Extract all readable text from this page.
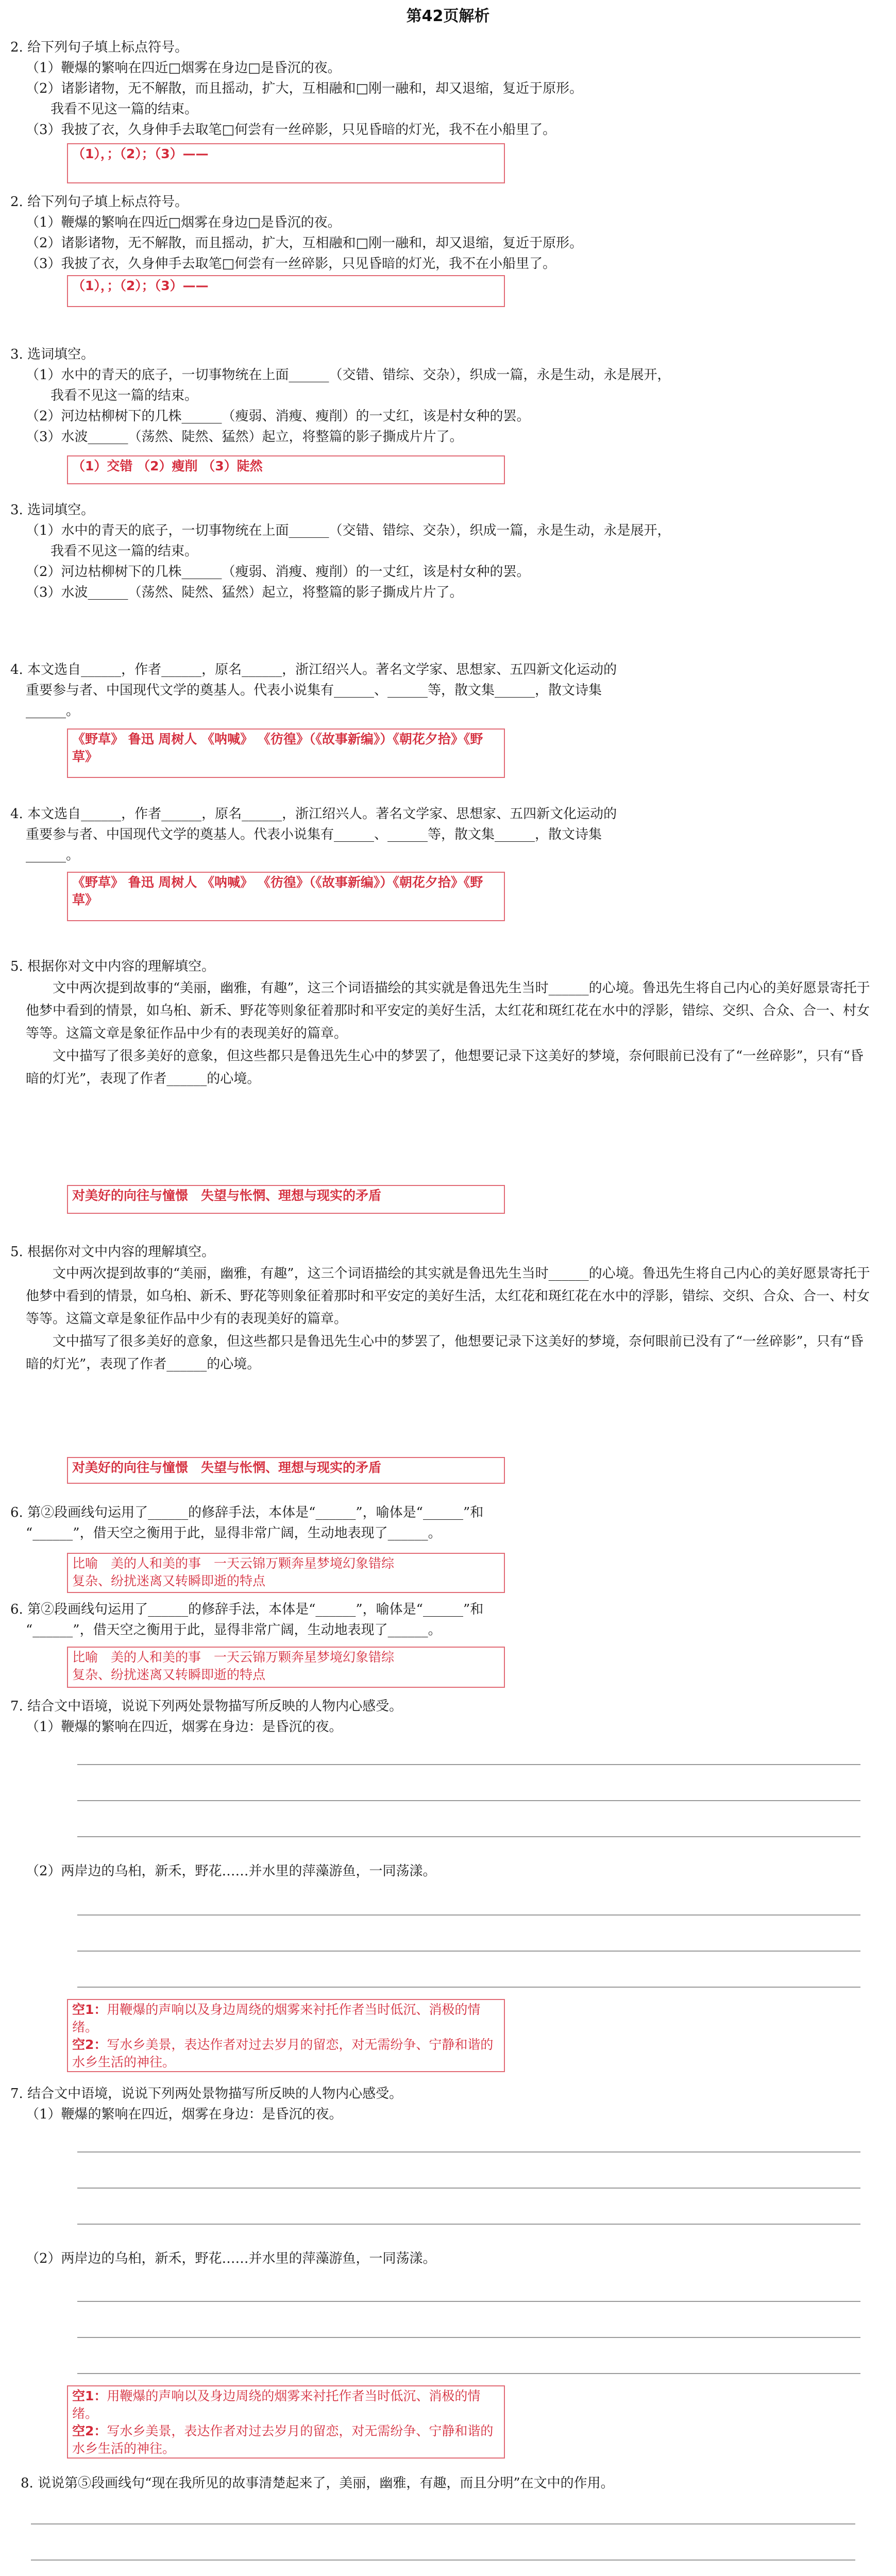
第42页解析
2. 给下列句子填上标点符号。
（1）鞭爆的繁响在四近□烟雾在身边□是昏沉的夜。
（2）诸影诸物，无不解散，而且摇动，扩大，互相融和□刚一融和，却又退缩，复近于原形。
我看不见这一篇的结束。
（3）我披了衣，久身伸手去取笔□何尝有一丝碎影，只见昏暗的灯光，我不在小船里了。
（1），；（2）；（3）——
2. 给下列句子填上标点符号。
（1）鞭爆的繁响在四近□烟雾在身边□是昏沉的夜。
（2）诸影诸物，无不解散，而且摇动，扩大，互相融和□刚一融和，却又退缩，复近于原形。
（3）我披了衣，久身伸手去取笔□何尝有一丝碎影，只见昏暗的灯光，我不在小船里了。
（1），；（2）；（3）——
3. 选词填空。
（1）水中的青天的底子，一切事物统在上面______（交错、错综、交杂），织成一篇，永是生动，永是展开，
我看不见这一篇的结束。
（2）河边枯柳树下的几株______（瘦弱、消瘦、瘦削）的一丈红，该是村女种的罢。
（3）水波______（荡然、陡然、猛然）起立，将整篇的影子撕成片片了。
（1）交错 （2）瘦削 （3）陡然
3. 选词填空。
（1）水中的青天的底子，一切事物统在上面______（交错、错综、交杂），织成一篇，永是生动，永是展开，
我看不见这一篇的结束。
（2）河边枯柳树下的几株______（瘦弱、消瘦、瘦削）的一丈红，该是村女种的罢。
（3）水波______（荡然、陡然、猛然）起立，将整篇的影子撕成片片了。
4. 本文选自______，作者______，原名______，浙江绍兴人。著名文学家、思想家、五四新文化运动的
重要参与者、中国现代文学的奠基人。代表小说集有______、______等，散文集______，散文诗集
______。
《野草》 鲁迅 周树人 《呐喊》 《彷徨》（《故事新编》）《朝花夕拾》《野草》
4. 本文选自______，作者______，原名______，浙江绍兴人。著名文学家、思想家、五四新文化运动的
重要参与者、中国现代文学的奠基人。代表小说集有______、______等，散文集______，散文诗集
______。
《野草》 鲁迅 周树人 《呐喊》 《彷徨》（《故事新编》）《朝花夕拾》《野草》
5. 根据你对文中内容的理解填空。
文中两次提到故事的“美丽，幽雅，有趣”，这三个词语描绘的其实就是鲁迅先生当时______的心境。鲁迅先生将自己内心的美好愿景寄托于他梦中看到的情景，如乌桕、新禾、野花等则象征着那时和平安定的美好生活，太红花和斑红花在水中的浮影，错综、交织、合众、合一、村女等等。这篇文章是象征作品中少有的表现美好的篇章。
文中描写了很多美好的意象，但这些都只是鲁迅先生心中的梦罢了，他想要记录下这美好的梦境，奈何眼前已没有了“一丝碎影”，只有“昏暗的灯光”，表现了作者______的心境。
对美好的向往与憧憬　失望与怅惘、理想与现实的矛盾
5. 根据你对文中内容的理解填空。
文中两次提到故事的“美丽，幽雅，有趣”，这三个词语描绘的其实就是鲁迅先生当时______的心境。鲁迅先生将自己内心的美好愿景寄托于他梦中看到的情景，如乌桕、新禾、野花等则象征着那时和平安定的美好生活，太红花和斑红花在水中的浮影，错综、交织、合众、合一、村女等等。这篇文章是象征作品中少有的表现美好的篇章。
文中描写了很多美好的意象，但这些都只是鲁迅先生心中的梦罢了，他想要记录下这美好的梦境，奈何眼前已没有了“一丝碎影”，只有“昏暗的灯光”，表现了作者______的心境。
对美好的向往与憧憬　失望与怅惘、理想与现实的矛盾
6. 第②段画线句运用了______的修辞手法，本体是“______”，喻体是“______”和
“______”，借天空之衡用于此，显得非常广阔，生动地表现了______。
比喻　美的人和美的事　一天云锦万颗奔星梦境幻象错综
复杂、纷扰迷离又转瞬即逝的特点
6. 第②段画线句运用了______的修辞手法，本体是“______”，喻体是“______”和
“______”，借天空之衡用于此，显得非常广阔，生动地表现了______。
比喻　美的人和美的事　一天云锦万颗奔星梦境幻象错综
复杂、纷扰迷离又转瞬即逝的特点
7. 结合文中语境，说说下列两处景物描写所反映的人物内心感受。
（1）鞭爆的繁响在四近，烟雾在身边：是昏沉的夜。
（2）两岸边的乌桕，新禾，野花……并水里的萍藻游鱼，一同荡漾。
空1：用鞭爆的声响以及身边周绕的烟雾来衬托作者当时低沉、消极的情绪。
空2：写水乡美景，表达作者对过去岁月的留恋，对无需纷争、宁静和谐的水乡生活的神往。
7. 结合文中语境，说说下列两处景物描写所反映的人物内心感受。
（1）鞭爆的繁响在四近，烟雾在身边：是昏沉的夜。
（2）两岸边的乌桕，新禾，野花……并水里的萍藻游鱼，一同荡漾。
空1：用鞭爆的声响以及身边周绕的烟雾来衬托作者当时低沉、消极的情绪。
空2：写水乡美景，表达作者对过去岁月的留恋，对无需纷争、宁静和谐的水乡生活的神往。
8. 说说第⑤段画线句“现在我所见的故事清楚起来了，美丽，幽雅，有趣，而且分明”在文中的作用。
